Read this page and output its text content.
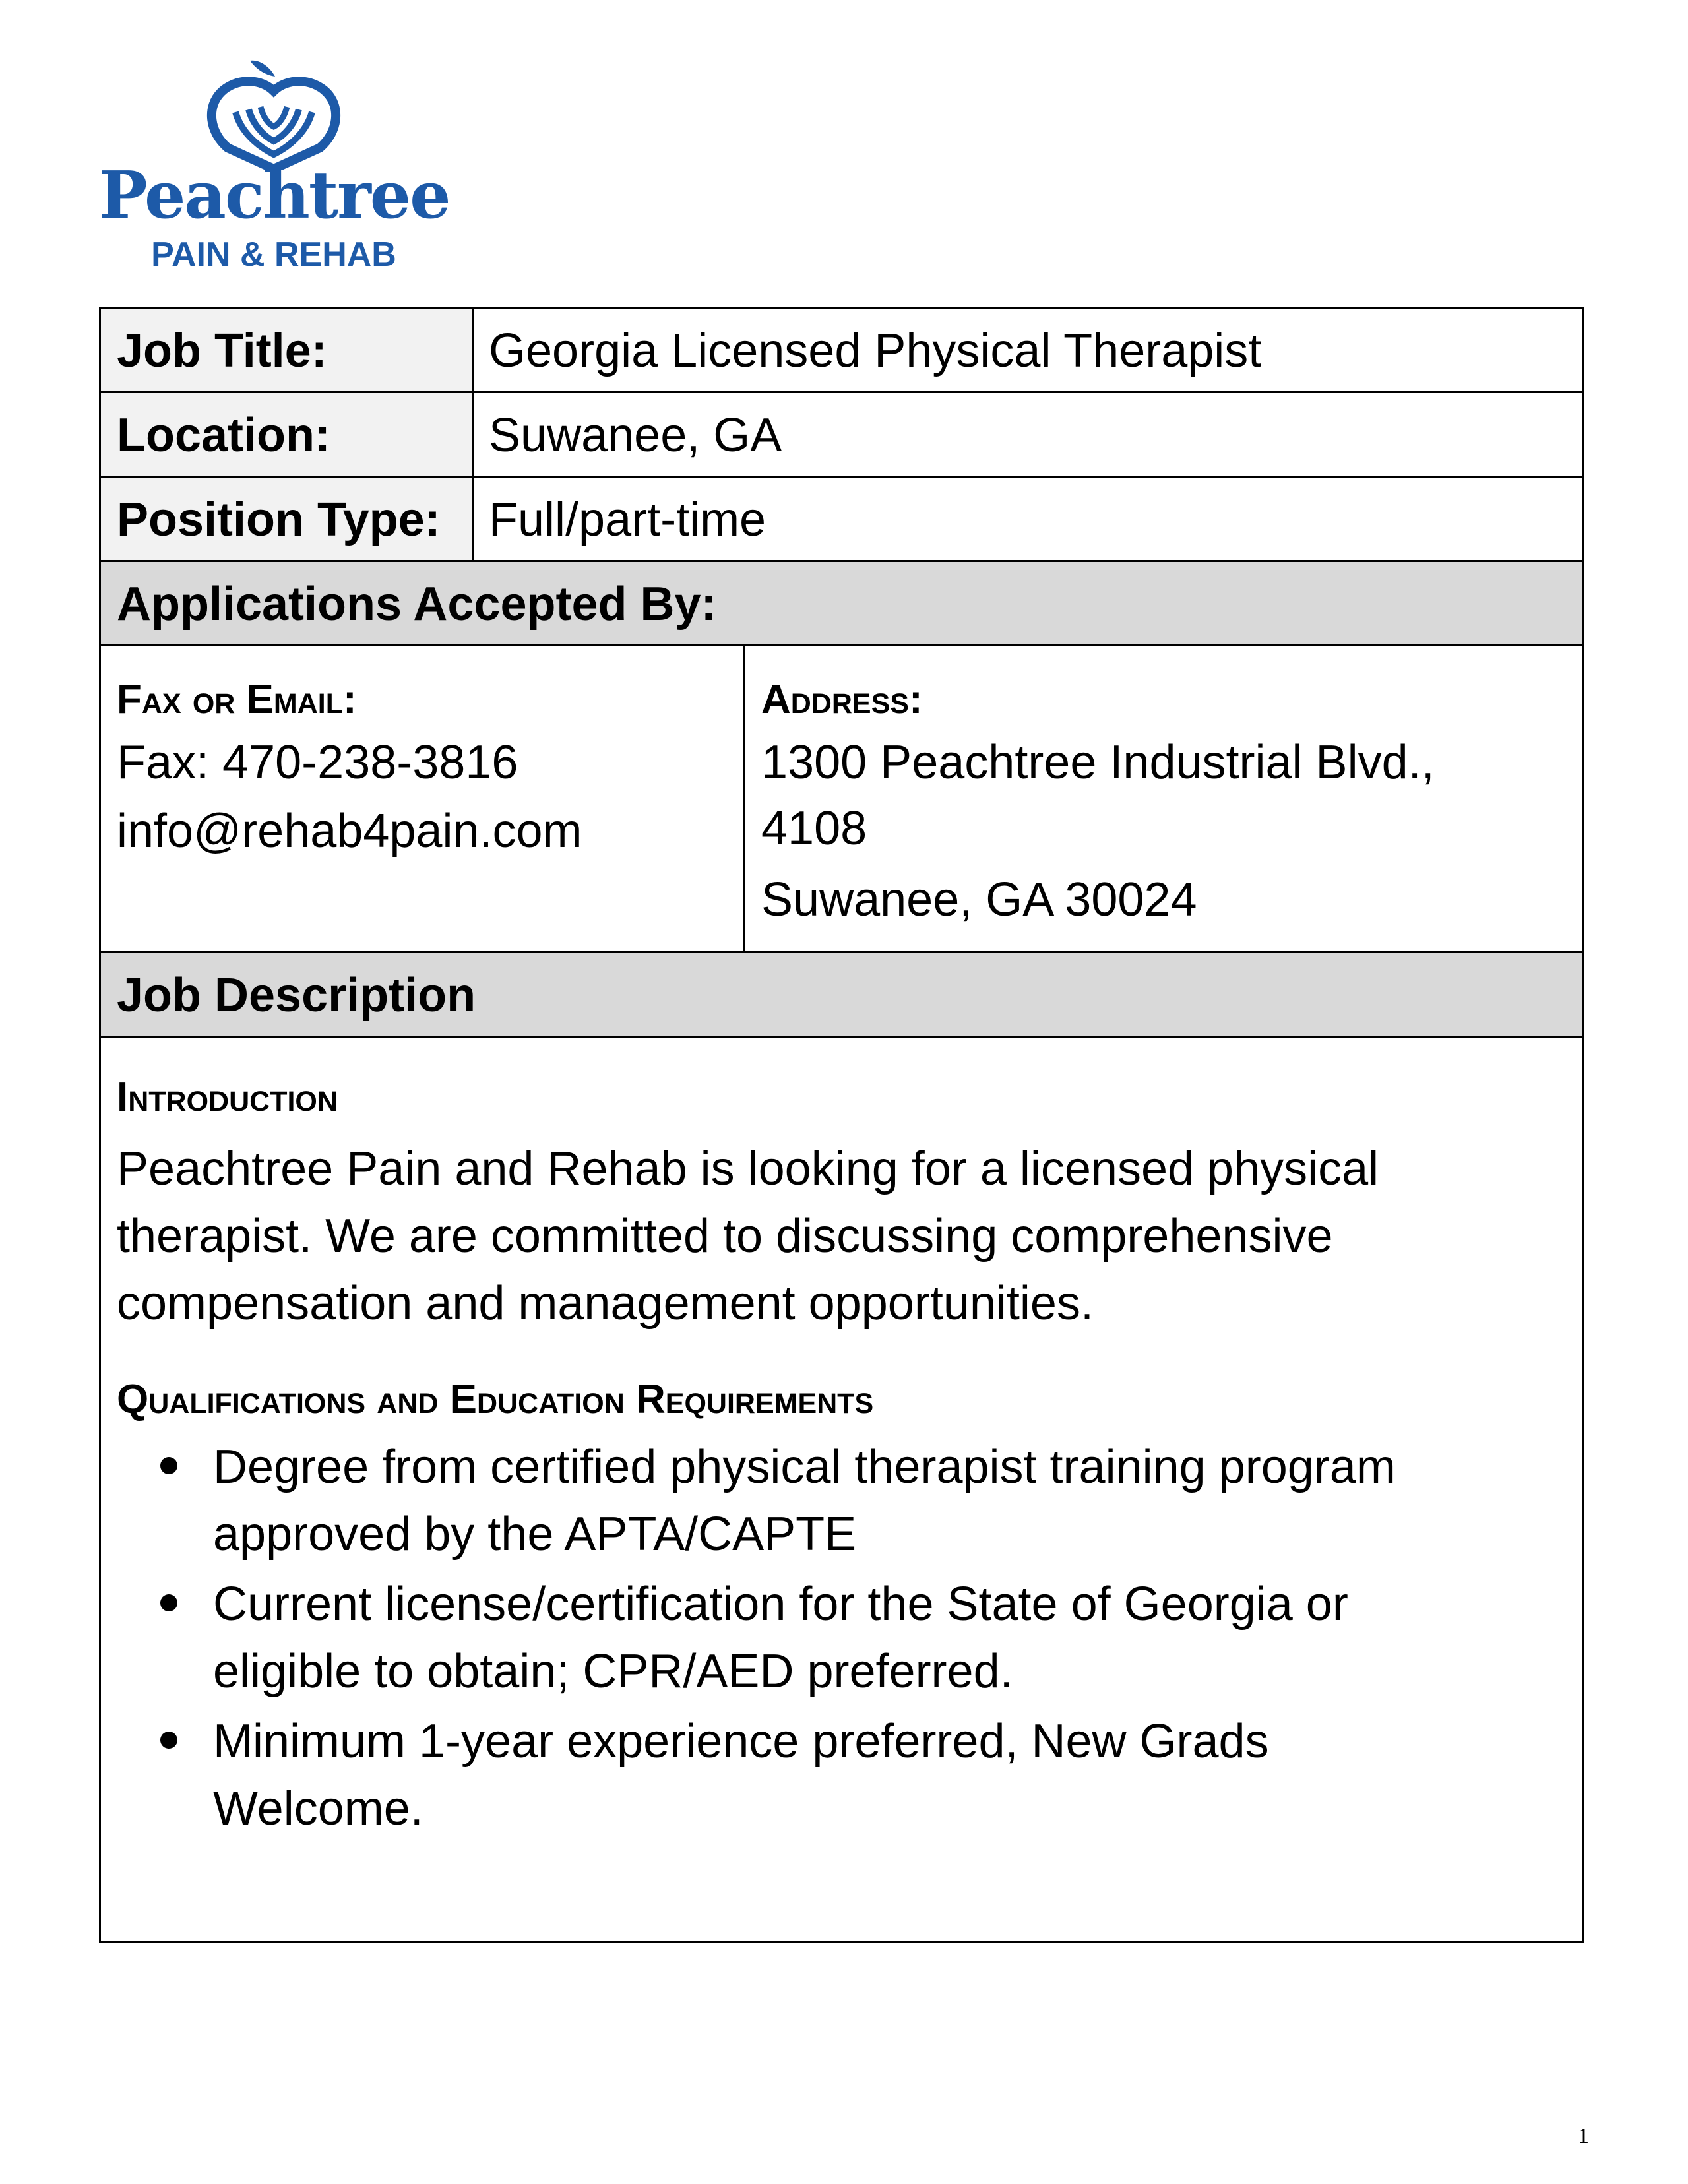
Peachtree
PAIN & REHAB
Job Title:	Georgia Licensed Physical Therapist
Location:	Suwanee, GA
Position Type: Full/part-time
Applications Accepted By:
Fax or Email:
Fax: 470-238-3816
info@rehab4pain.com
Address:
1300 Peachtree Industrial Blvd.,
4108
Suwanee, GA 30024
Job Description
Introduction
Peachtree Pain and Rehab is looking for a licensed physical
therapist. We are committed to discussing comprehensive
compensation and management opportunities.
Qualifications and Education Requirements
Degree from certified physical therapist training program
approved by the APTA/CAPTE
Current license/certification for the State of Georgia or
eligible to obtain; CPR/AED preferred.
Minimum 1-year experience preferred, New Grads
Welcome.
1
